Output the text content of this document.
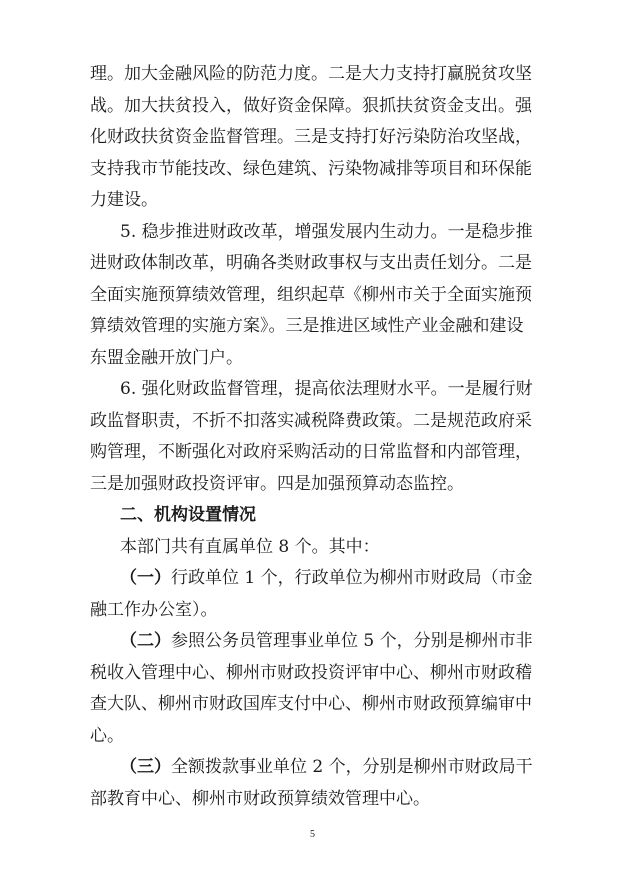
理。加大金融风险的防范力度。二是大力支持打赢脱贫攻坚
战。加大扶贫投入，做好资金保障。狠抓扶贫资金支出。强
化财政扶贫资金监督管理。三是支持打好污染防治攻坚战，
支持我市节能技改、绿色建筑、污染物减排等项目和环保能
力建设。
5. 稳步推进财政改革，增强发展内生动力。一是稳步推
进财政体制改革，明确各类财政事权与支出责任划分。二是
全面实施预算绩效管理，组织起草《柳州市关于全面实施预
算绩效管理的实施方案》。三是推进区域性产业金融和建设
东盟金融开放门户。
6. 强化财政监督管理，提高依法理财水平。一是履行财
政监督职责，不折不扣落实减税降费政策。二是规范政府采
购管理，不断强化对政府采购活动的日常监督和内部管理，
三是加强财政投资评审。四是加强预算动态监控。
二、机构设置情况
本部门共有直属单位 8 个。其中：
（一）行政单位 1 个，行政单位为柳州市财政局（市金
融工作办公室）。
（二）参照公务员管理事业单位 5 个，分别是柳州市非
税收入管理中心、柳州市财政投资评审中心、柳州市财政稽
查大队、柳州市财政国库支付中心、柳州市财政预算编审中
心。
5
（三）全额拨款事业单位 2 个，分别是柳州市财政局干
部教育中心、柳州市财政预算绩效管理中心。
